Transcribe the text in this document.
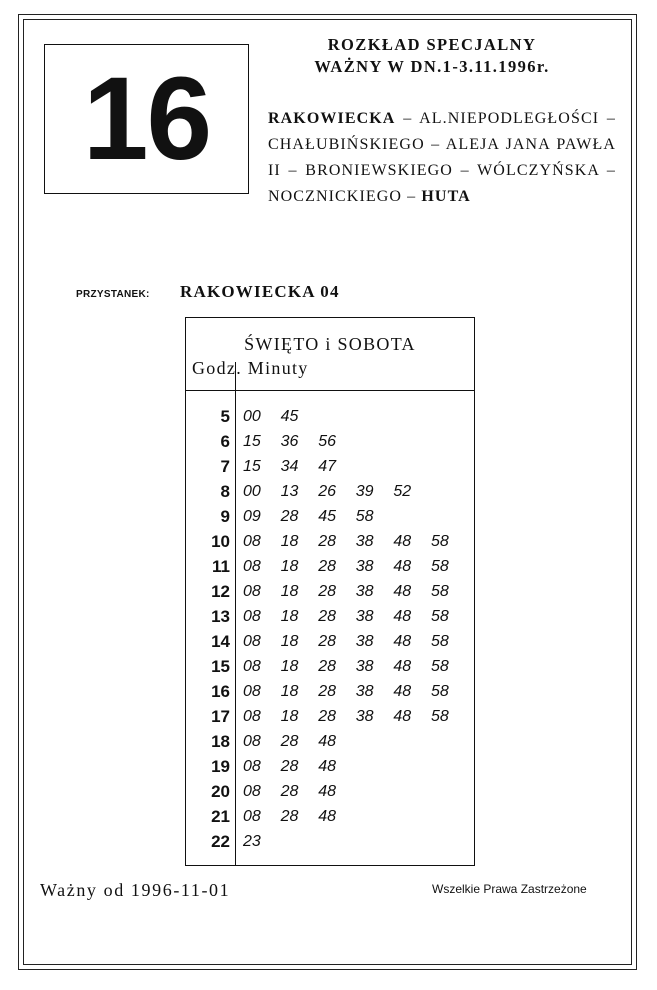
16
ROZKŁAD SPECJALNY
WAŻNY W DN.1-3.11.1996r.
RAKOWIECKA – AL.NIEPODLEGŁOŚCI – CHAŁUBIŃSKIEGO – ALEJA JANA PAWŁA II – BRONIEWSKIEGO – WÓLCZYŃSKA – NOCZNICKIEGO – HUTA
PRZYSTANEK: RAKOWIECKA 04
ŚWIĘTO i SOBOTA
Godz. Minuty
5 00 45
6 15 36 56
7 15 34 47
8 00 13 26 39 52
9 09 28 45 58
10 08 18 28 38 48 58
11 08 18 28 38 48 58
12 08 18 28 38 48 58
13 08 18 28 38 48 58
14 08 18 28 38 48 58
15 08 18 28 38 48 58
16 08 18 28 38 48 58
17 08 18 28 38 48 58
18 08 28 48
19 08 28 48
20 08 28 48
21 08 28 48
22 23
Ważny od 1996-11-01	Wszelkie Prawa Zastrzeżone
